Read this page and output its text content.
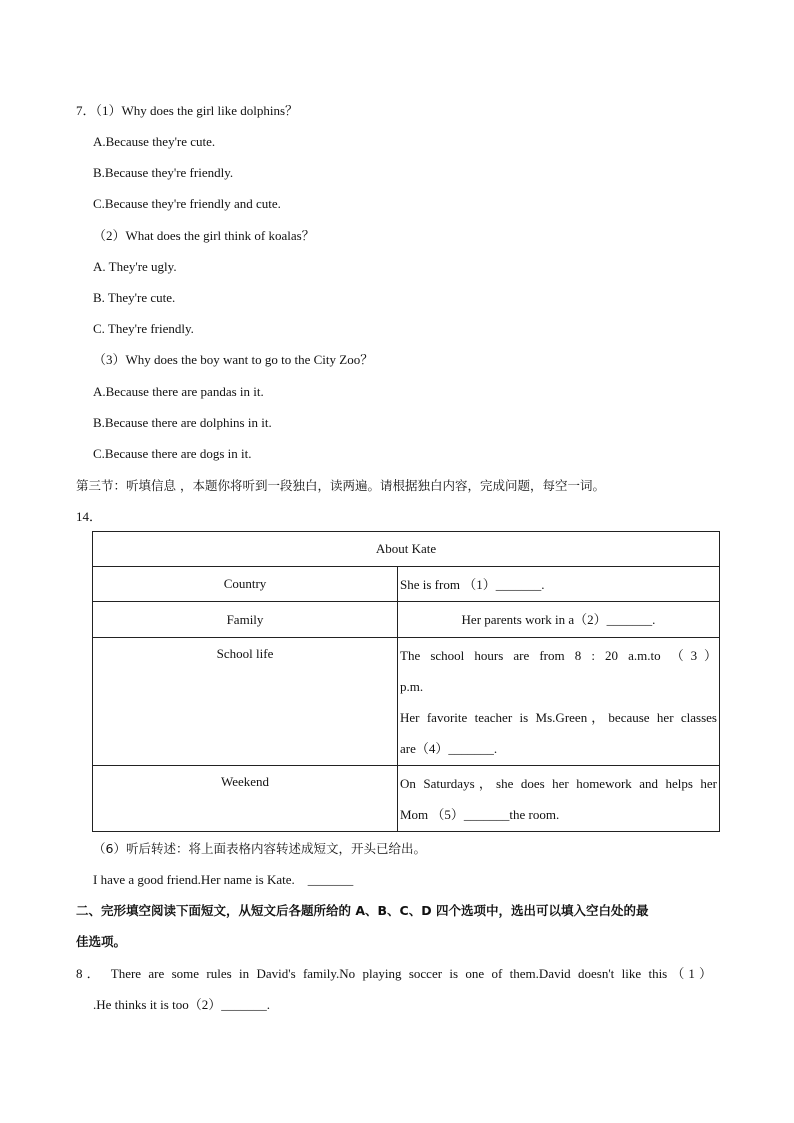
7．（1）Why does the girl like dolphins？
A.Because they're cute.
B.Because they're friendly.
C.Because they're friendly and cute.
（2）What does the girl think of koalas？
A. They're ugly.
B. They're cute.
C. They're friendly.
（3）Why does the boy want to go to the City Zoo？
A.Because there are pandas in it.
B.Because there are dolphins in it.
C.Because there are dogs in it.
第三节：听填信息 ，本题你将听到一段独白，读两遍。请根据独白内容，完成问题，每空一词。
14．
About Kate	
Country	She is from （1）_______.
Family	Her parents work in a（2）_______.
School life	The school hours are from 8 : 20 a.m.to （3）
p.m.
Her favorite teacher is Ms.Green，because her classes
are（4）_______.

Weekend	On Saturdays，she does her homework and helps her
Mom （5）_______the room.
（6）听后转述：将上面表格内容转述成短文，开头已给出。
I have a good friend.Her name is Kate.    _______
二、完形填空阅读下面短文，从短文后各题所给的 A、B、C、D 四个选项中，选出可以填入空白处的最
佳选项。
8． There are some rules in David's family.No playing soccer is one of them.David doesn't like this（1）
.He thinks it is too（2）_______.
